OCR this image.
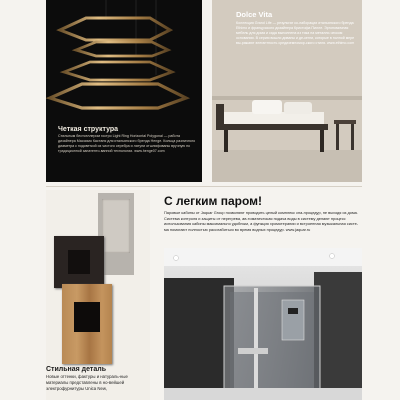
Четкая структура
Стильным бестселлером гостро Light Ring Horizontal Polygonal — работа дизайнера Массимо Кастаня для итальянского бренда Henge. Кольца различного диаметра с подсветкой из чистого серебра и латуни отшлифованы вручную по традиционной запатенто-ванной технологии. www.henge07.com
Dolce Vita
Коллекция Grand Life — результат ко-лаборации итальянского бренда Ethimo и французского дизайнера Кристофа Пиллe. Эргономичная мебель для дома и сада выполнена из тика на металли-ческом основании. В серию вошли диваны и де-кенги, которые в полной мере вы-ражают элегантность средиземномор-ского стиля. www.ethimo.com
Стильная деталь
Новые оттенки, фактуры и натураль-ные материалы представлены в но-вейшей электрофурнитуры Unica New,
С легким паром!
Паровые кабины от Jaquar Group позволяют проводить целый комплекс спа-процедур, не выходя из дома. Система контроля и защиты от перегрева, ав-томатическая подача воды в систему делают процесс использования кабины максимально удобным, а функция хромотерапии и встроенная музыкальная систе-ма помогают полностью расслабиться во время водных процедур. www.jaquar.ru
